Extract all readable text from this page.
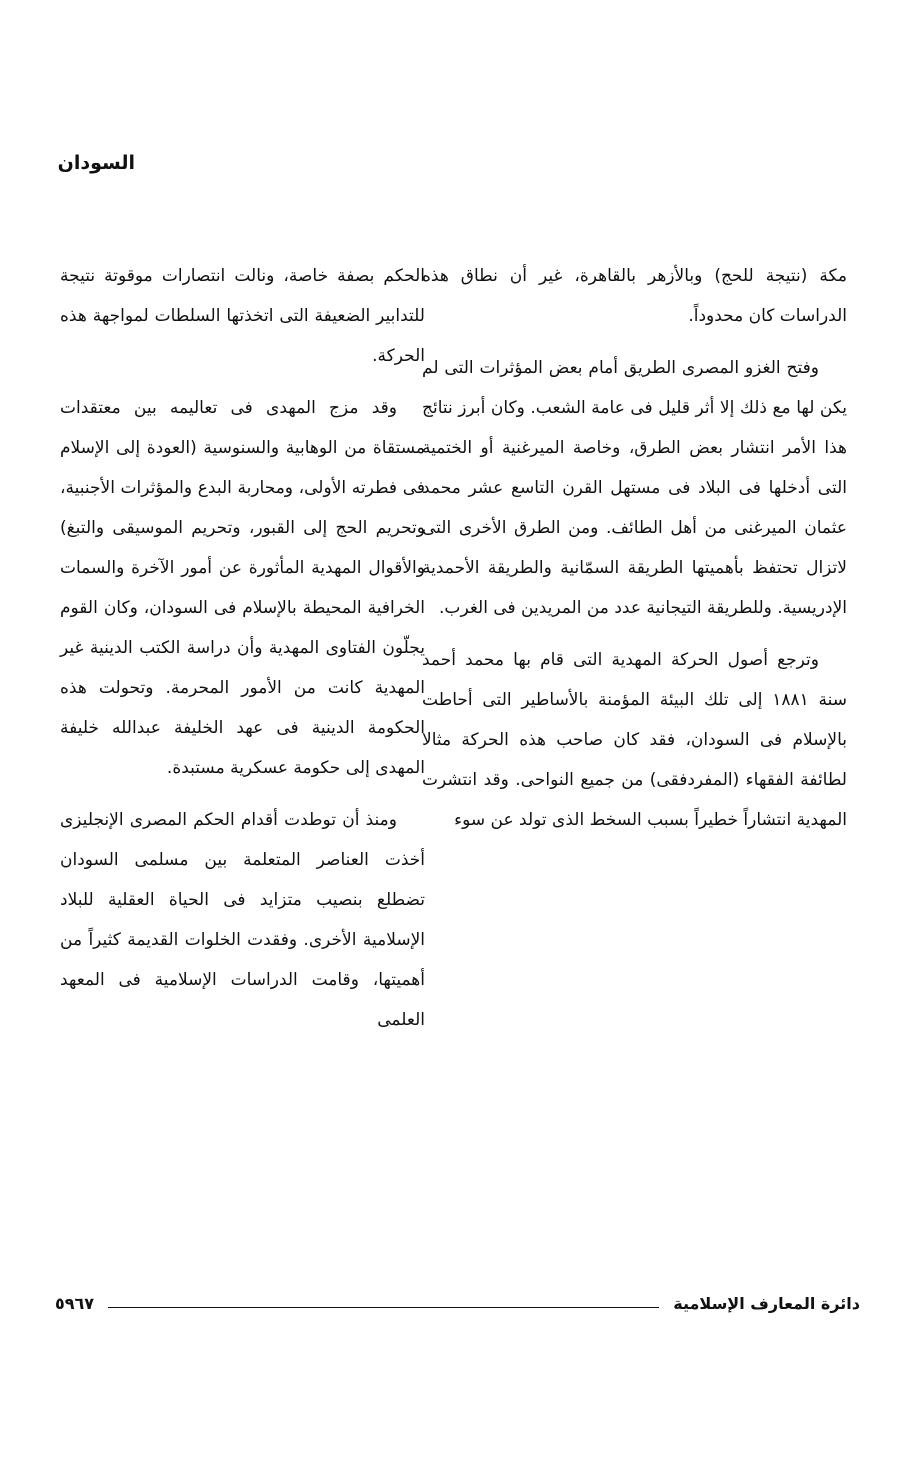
السودان

مكة (نتيجة للحج) وبالأزهر بالقاهرة، غير أن نطاق هذه الدراسات كان محدوداً.

وفتح الغزو المصرى الطريق أمام بعض المؤثرات التى لم يكن لها مع ذلك إلا أثر قليل فى عامة الشعب. وكان أبرز نتائج هذا الأمر انتشار بعض الطرق، وخاصة الميرغنية أو الختمية التى أدخلها فى البلاد فى مستهل القرن التاسع عشر محمد عثمان الميرغنى من أهل الطائف. ومن الطرق الأخرى التى لاتزال تحتفظ بأهميتها الطريقة السمّانية والطريقة الأحمدية الإدريسية. وللطريقة التيجانية عدد من المريدين فى الغرب.

وترجع أصول الحركة المهدية التى قام بها محمد أحمد سنة ١٨٨١ إلى تلك البيئة المؤمنة بالأساطير التى أحاطت بالإسلام فى السودان، فقد كان صاحب هذه الحركة مثالا لطائفة الفقهاء (المفردفقى) من جميع النواحى. وقد انتشرت المهدية انتشاراً خطيراً بسبب السخط الذى تولد عن سوء

الحكم بصفة خاصة، ونالت انتصارات موقوتة نتيجة للتدابير الضعيفة التى اتخذتها السلطات لمواجهة هذه الحركة.

وقد مزج المهدى فى تعاليمه بين معتقدات مستقاة من الوهابية والسنوسية (العودة إلى الإسلام فى فطرته الأولى، ومحاربة البدع والمؤثرات الأجنبية، وتحريم الحج إلى القبور، وتحريم الموسيقى والتبغ) والأقوال المهدية المأثورة عن أمور الآخرة والسمات الخرافية المحيطة بالإسلام فى السودان، وكان القوم يجلّون الفتاوى المهدية وأن دراسة الكتب الدينية غير المهدية كانت من الأمور المحرمة. وتحولت هذه الحكومة الدينية فى عهد الخليفة عبدالله خليفة المهدى إلى حكومة عسكرية مستبدة.

ومنذ أن توطدت أقدام الحكم المصرى الإنجليزى أخذت العناصر المتعلمة بين مسلمى السودان تضطلع بنصيب متزايد فى الحياة العقلية للبلاد الإسلامية الأخرى. وفقدت الخلوات القديمة كثيراً من أهميتها، وقامت الدراسات الإسلامية فى المعهد العلمى

دائرة المعارف الإسلامية
٥٩٦٧
